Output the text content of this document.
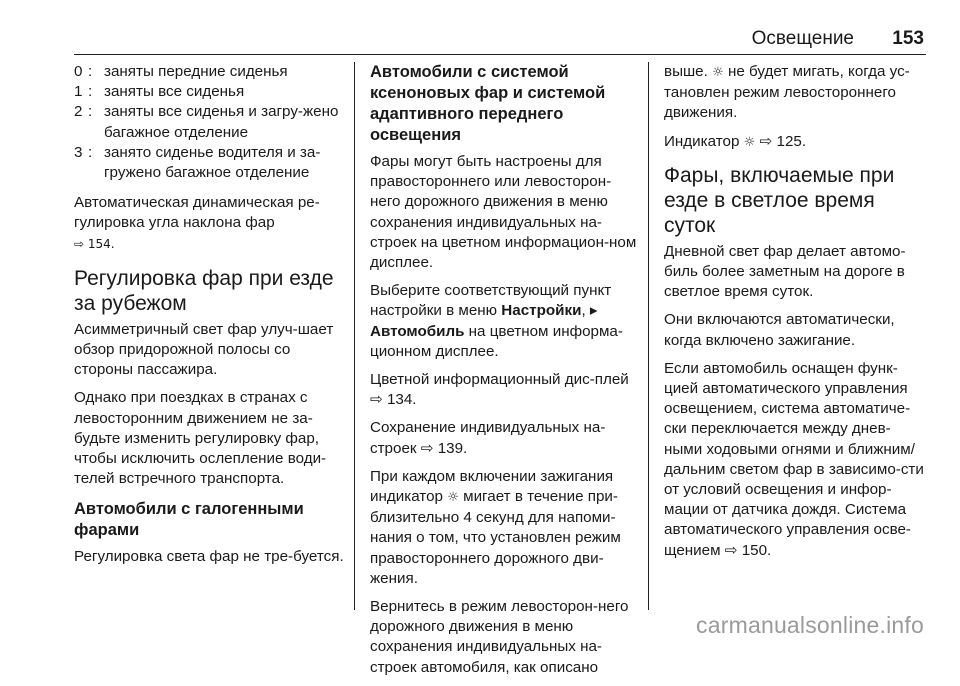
Освещение 153
0 : заняты передние сиденья
1 : заняты все сиденья
2 : заняты все сиденья и загру-жено багажное отделение
3 : занято сиденье водителя и за-гружено багажное отделение

Автоматическая динамическая ре-гулировка угла наклона фар
⇨ 154.

Регулировка фар при езде за рубежом

Асимметричный свет фар улуч-шает обзор придорожной полосы со стороны пассажира.

Однако при поездках в странах с левосторонним движением не за-будьте изменить регулировку фар, чтобы исключить ослепление води-телей встречного транспорта.

Автомобили с галогенными фарами

Регулировка света фар не тре-буется.

Автомобили с системой ксеноновых фар и системой адаптивного переднего освещения

Фары могут быть настроены для правостороннего или левосторон-него дорожного движения в меню сохранения индивидуальных на-строек на цветном информацион-ном дисплее.

Выберите соответствующий пункт настройки в меню Настройки, ▸
Автомобиль на цветном информа-ционном дисплее.

Цветной информационный дис-плей ⇨ 134.

Сохранение индивидуальных на-строек ⇨ 139.

При каждом включении зажигания индикатор ☼ мигает в течение при-близительно 4 секунд для напоми-нания о том, что установлен режим правостороннего дорожного дви-жения.

Вернитесь в режим левосторон-него дорожного движения в меню сохранения индивидуальных на-строек автомобиля, как описано

выше. ☼ не будет мигать, когда ус-тановлен режим левостороннего движения.

Индикатор ☼ ⇨ 125.

Фары, включаемые при езде в светлое время суток

Дневной свет фар делает автомо-биль более заметным на дороге в светлое время суток.

Они включаются автоматически, когда включено зажигание.

Если автомобиль оснащен функ-цией автоматического управления освещением, система автоматиче-ски переключается между днев-ными ходовыми огнями и ближним/ дальним светом фар в зависимо-сти от условий освещения и инфор-мации от датчика дождя. Система автоматического управления осве-щением ⇨ 150.

carmanualsonline.info
